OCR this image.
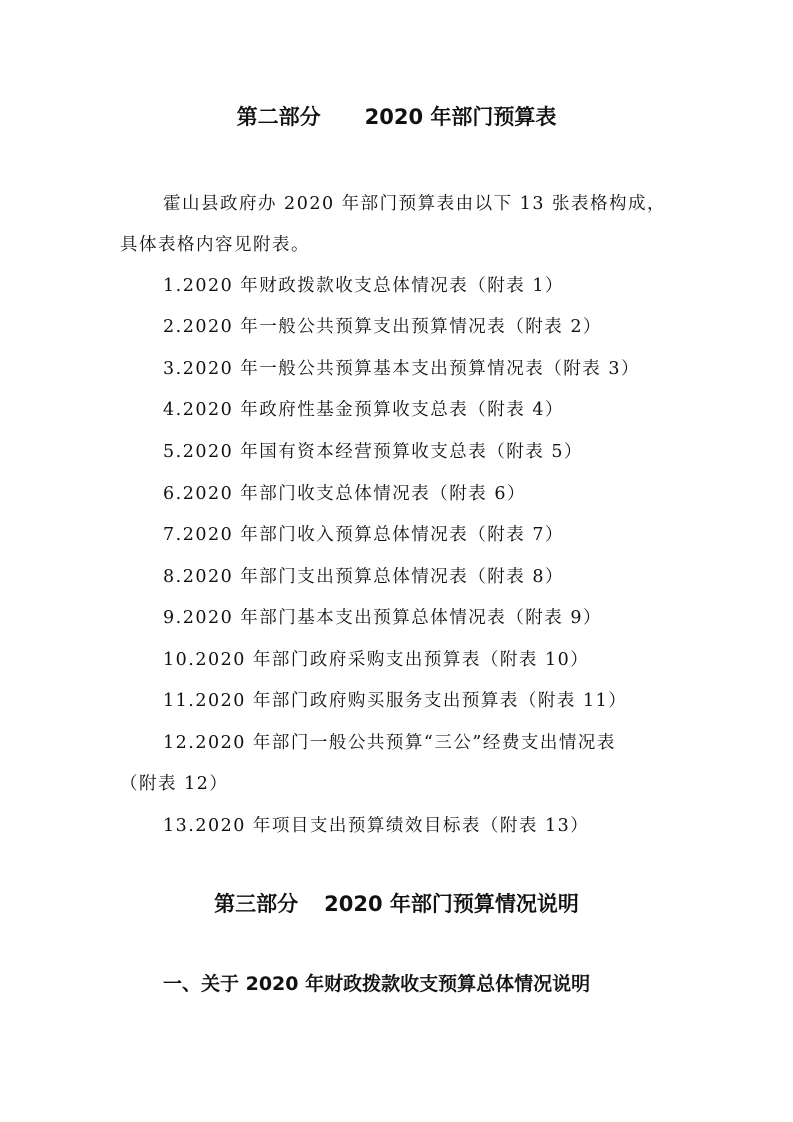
第二部分 2020 年部门预算表
霍山县政府办 2020 年部门预算表由以下 13 张表格构成，
具体表格内容见附表。
1.2020 年财政拨款收支总体情况表（附表 1）
2.2020 年一般公共预算支出预算情况表（附表 2）
3.2020 年一般公共预算基本支出预算情况表（附表 3）
4.2020 年政府性基金预算收支总表（附表 4）
5.2020 年国有资本经营预算收支总表（附表 5）
6.2020 年部门收支总体情况表（附表 6）
7.2020 年部门收入预算总体情况表（附表 7）
8.2020 年部门支出预算总体情况表（附表 8）
9.2020 年部门基本支出预算总体情况表（附表 9）
10.2020 年部门政府采购支出预算表（附表 10）
11.2020 年部门政府购买服务支出预算表（附表 11）
12.2020 年部门一般公共预算“三公”经费支出情况表
（附表 12）
13.2020 年项目支出预算绩效目标表（附表 13）
第三部分 2020 年部门预算情况说明
一、关于 2020 年财政拨款收支预算总体情况说明
